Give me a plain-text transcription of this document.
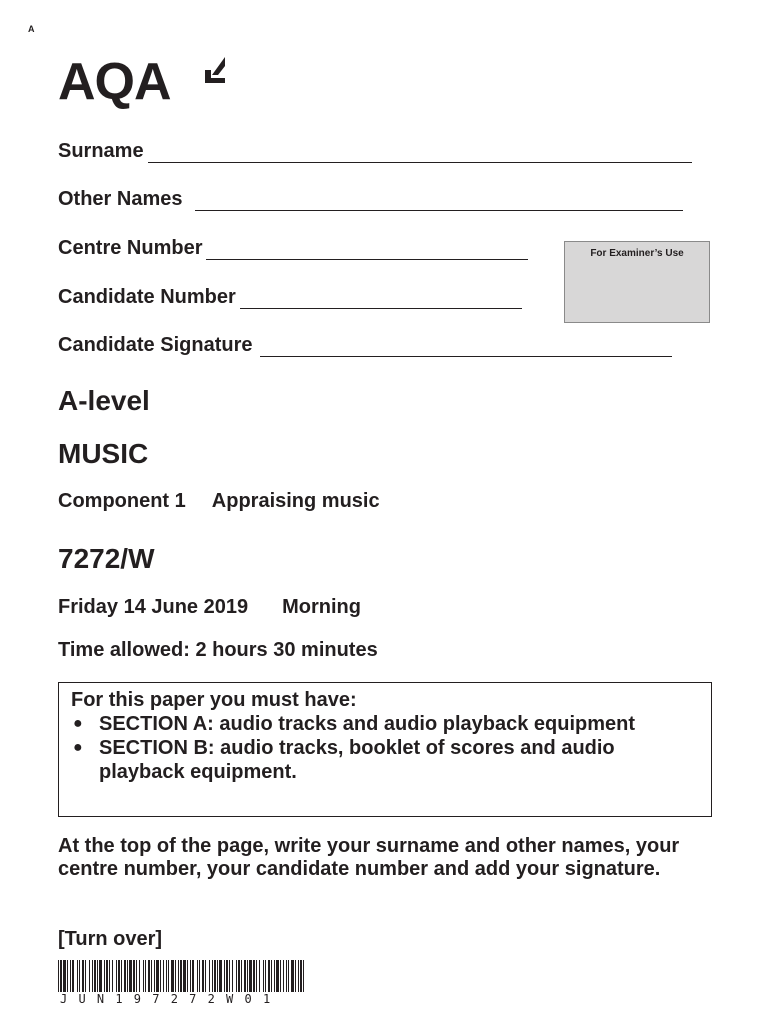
A
AQA
Surname
Other Names
Centre Number
Candidate Number
Candidate Signature
For Examiner’s Use
A-level
MUSIC
Component 1 Appraising music
7272/W
Friday 14 June 2019 Morning
Time allowed: 2 hours 30 minutes
For this paper you must have:
● SECTION A: audio tracks and audio playback equipment
● SECTION B: audio tracks, booklet of scores and audio playback equipment.
At the top of the page, write your surname and other names, your centre number, your candidate number and add your signature.
[Turn over]
J U N 1 9 7 2 7 2 W 0 1
